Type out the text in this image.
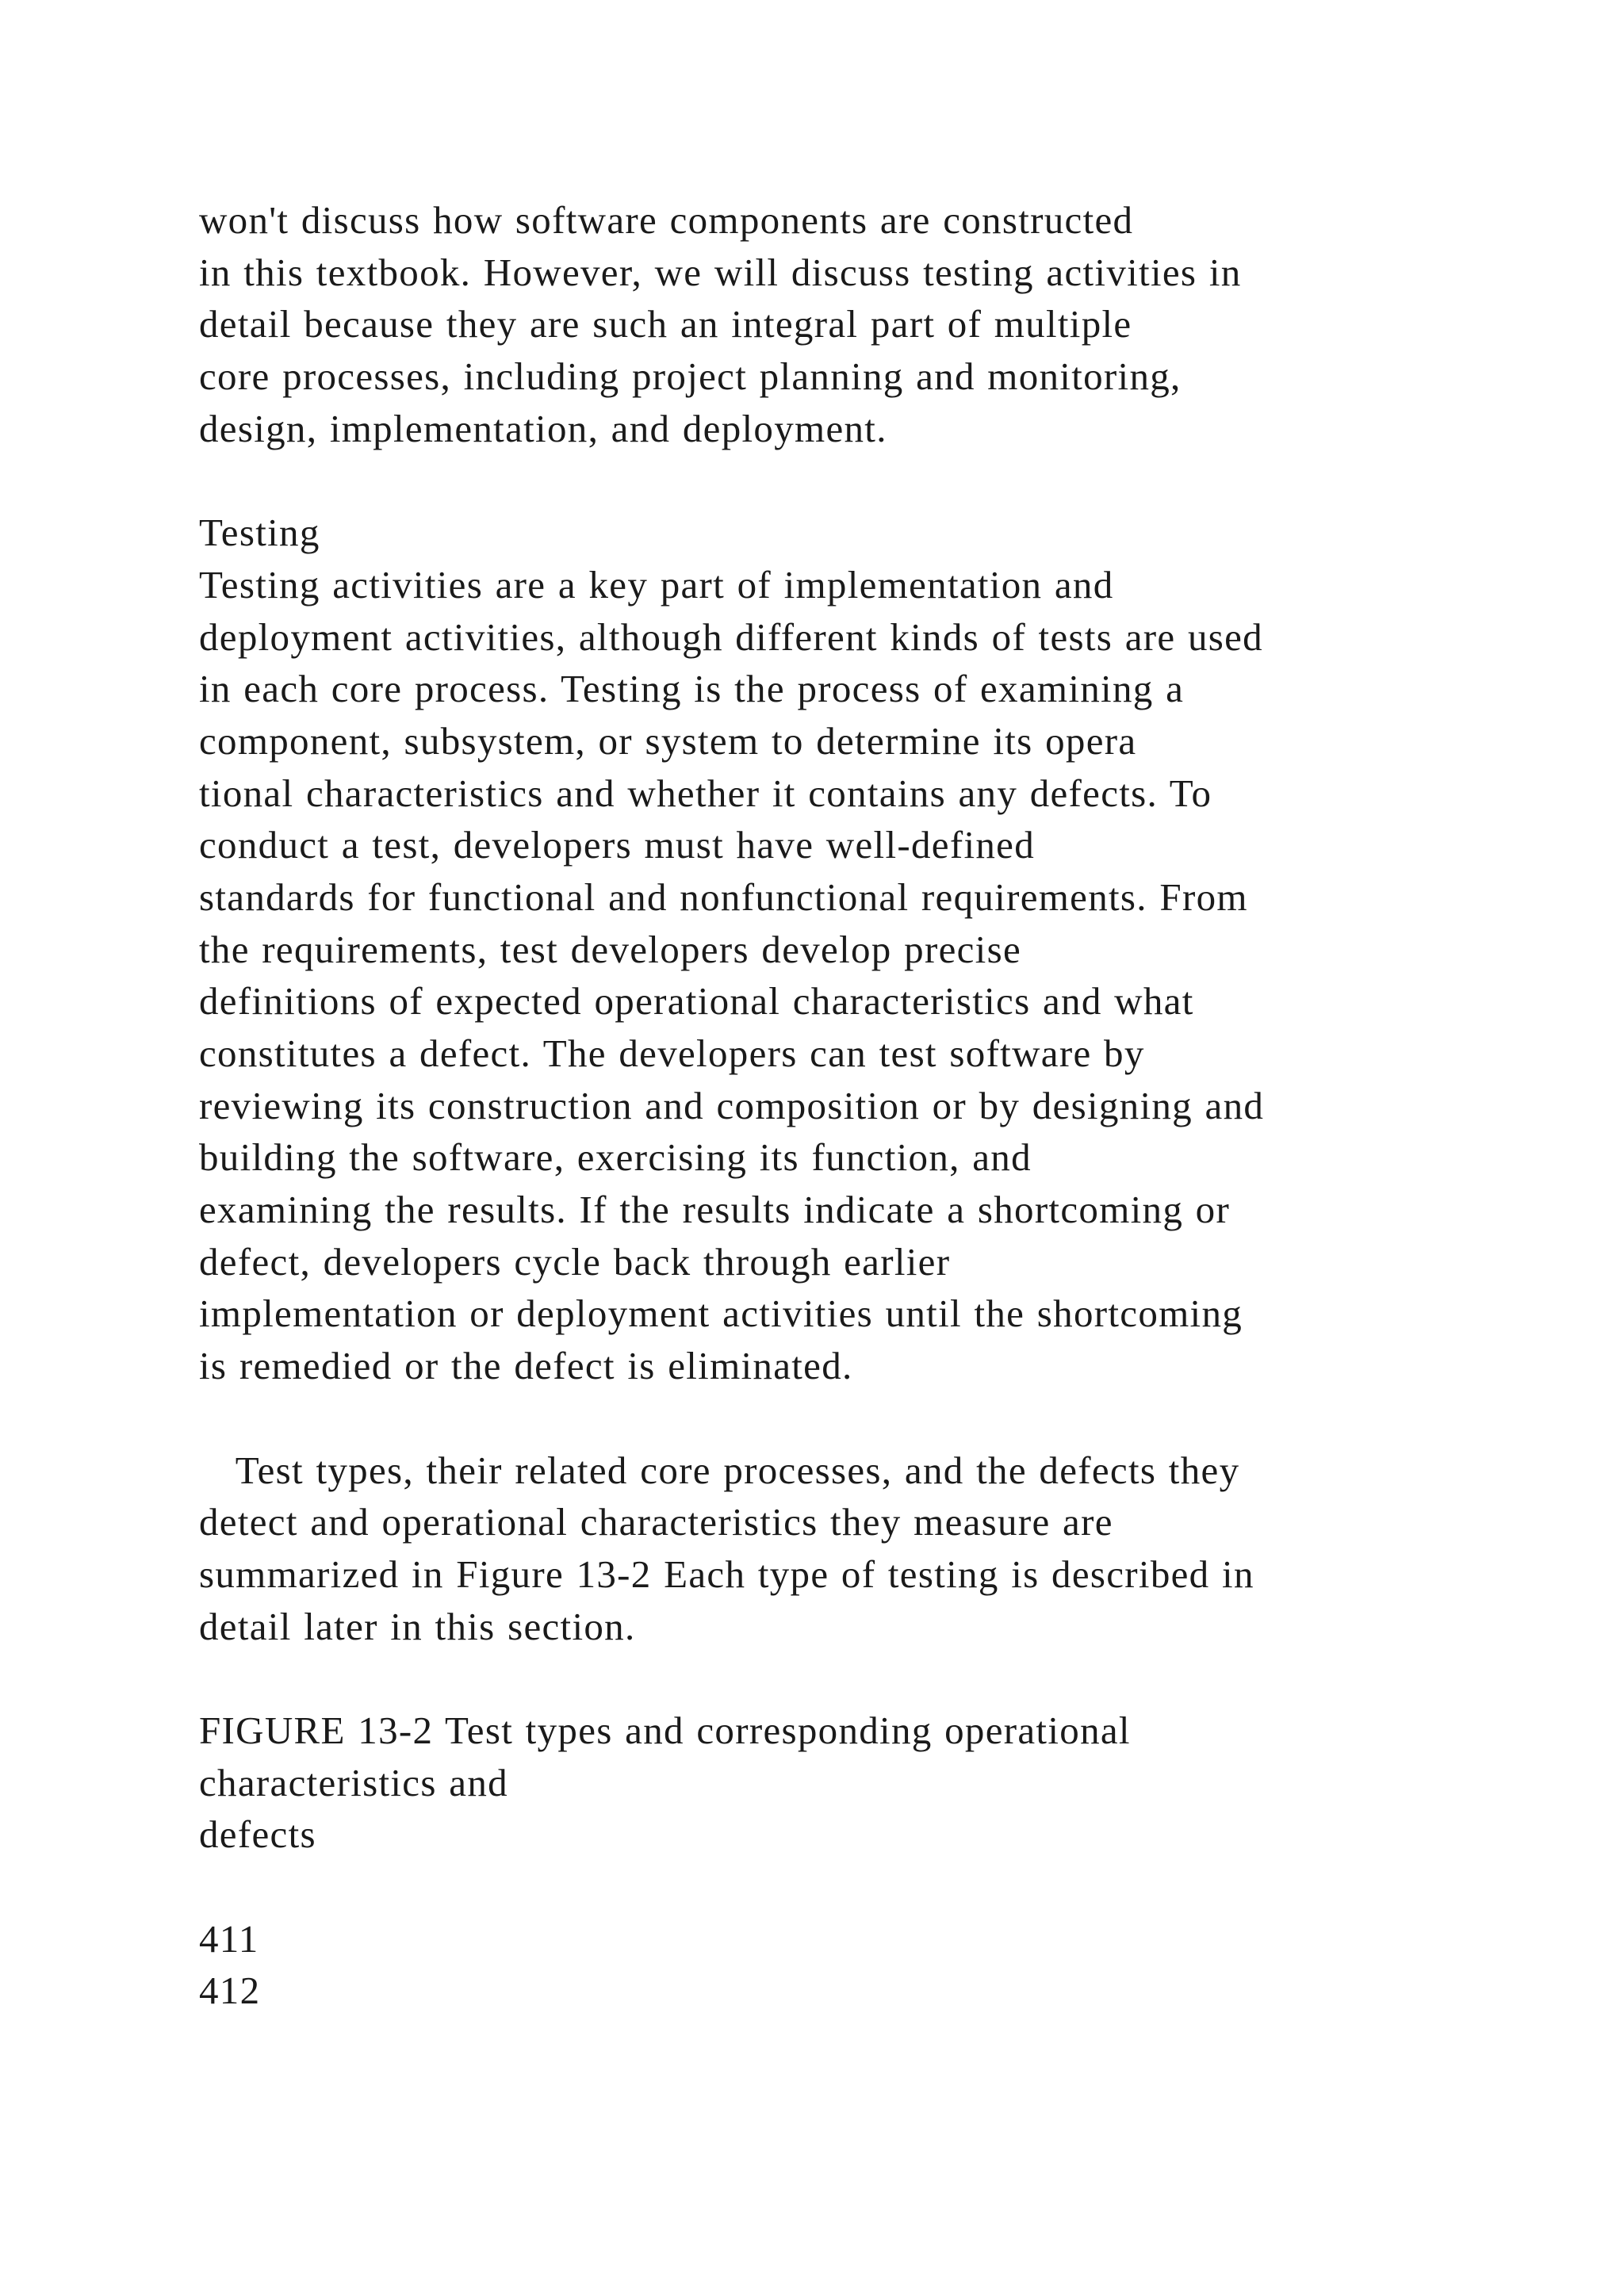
won't discuss how software components are constructed
in this textbook. However, we will discuss testing activities in
detail because they are such an integral part of multiple
core processes, including project planning and monitoring,
design, implementation, and deployment.
Testing
Testing activities are a key part of implementation and
deployment activities, although different kinds of tests are used
in each core process. Testing is the process of examining a
component, subsystem, or system to determine its opera
tional characteristics and whether it contains any defects. To
conduct a test, developers must have well-defined
standards for functional and nonfunctional requirements. From
the requirements, test developers develop precise
definitions of expected operational characteristics and what
constitutes a defect. The developers can test software by
reviewing its construction and composition or by designing and
building the software, exercising its function, and
examining the results. If the results indicate a shortcoming or
defect, developers cycle back through earlier
implementation or deployment activities until the shortcoming
is remedied or the defect is eliminated.
Test types, their related core processes, and the defects they
detect and operational characteristics they measure are
summarized in Figure 13-2 Each type of testing is described in
detail later in this section.
FIGURE 13-2 Test types and corresponding operational
characteristics and
defects
411
412
